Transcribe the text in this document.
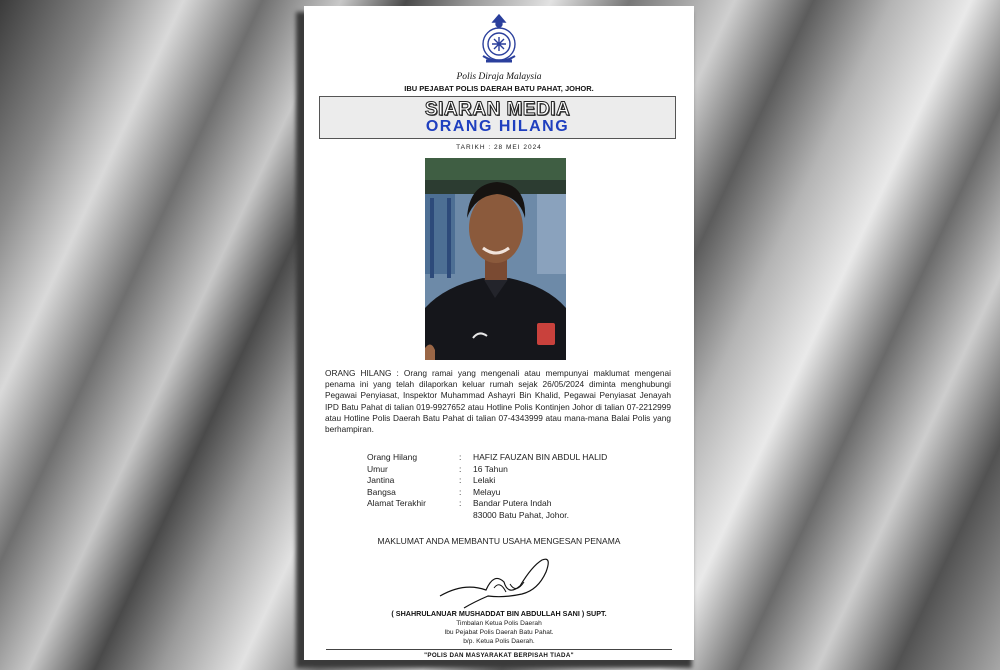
Polis Diraja Malaysia
IBU PEJABAT POLIS DAERAH BATU PAHAT, JOHOR.
SIARAN MEDIA
ORANG HILANG
TARIKH : 28 MEI 2024
ORANG HILANG : Orang ramai yang mengenali atau mempunyai maklumat mengenai penama ini yang telah dilaporkan keluar rumah sejak 26/05/2024 diminta menghubungi Pegawai Penyiasat, Inspektor Muhammad Ashayri Bin Khalid, Pegawai Penyiasat Jenayah IPD Batu Pahat di talian 019-9927652 atau Hotline Polis Kontinjen Johor di talian 07-2212999 atau Hotline Polis Daerah Batu Pahat di talian 07-4343999 atau mana-mana Balai Polis yang berhampiran.
Orang Hilang	:	HAFIZ FAUZAN BIN ABDUL HALID
Umur	:	16 Tahun
Jantina	:	Lelaki
Bangsa	:	Melayu
Alamat Terakhir	:	Bandar Putera Indah
83000 Batu Pahat, Johor.
MAKLUMAT ANDA MEMBANTU USAHA MENGESAN PENAMA
( SHAHRULANUAR MUSHADDAT BIN ABDULLAH SANI ) SUPT.
Timbalan Ketua Polis Daerah
Ibu Pejabat Polis Daerah Batu Pahat.
b/p. Ketua Polis Daerah.
"POLIS DAN MASYARAKAT BERPISAH TIADA"
